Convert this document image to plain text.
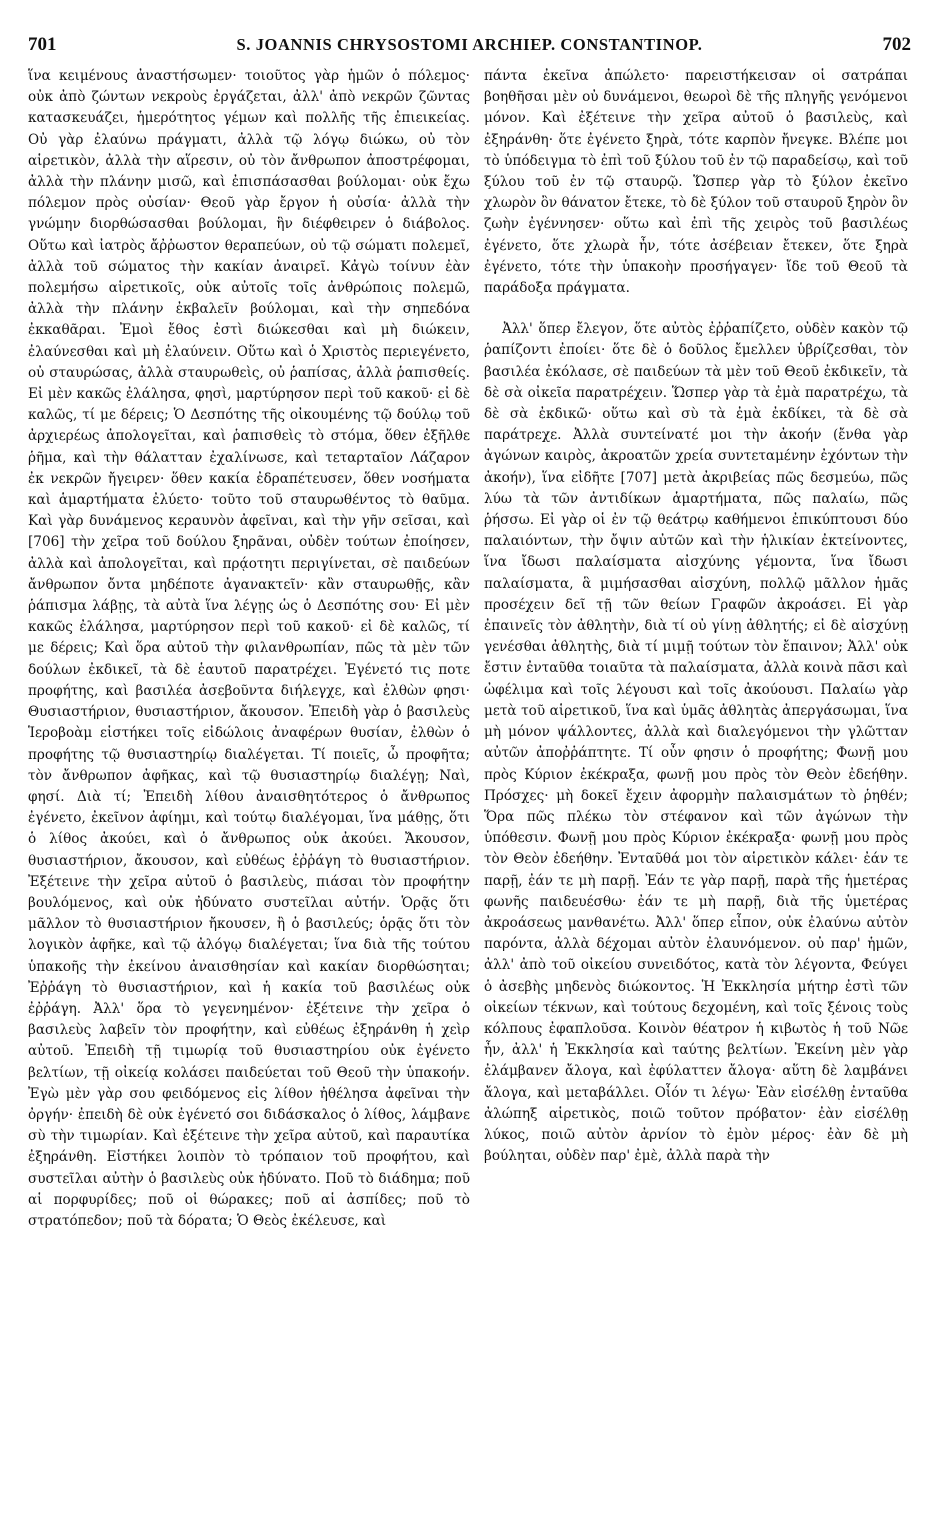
701	S. JOANNIS CHRYSOSTOMI ARCHIEP. CONSTANTINOP.	702

ἵνα κειμένους ἀναστήσωμεν· τοιοῦτος γὰρ ἡμῶν ὁ πόλεμος· οὐκ ἀπὸ ζώντων νεκροὺς ἐργάζεται, ἀλλ' ἀπὸ νεκρῶν ζῶντας κατασκευάζει, ἡμερότητος γέμων καὶ πολλῆς τῆς ἐπιεικείας. Οὐ γὰρ ἐλαύνω πράγματι, ἀλλὰ τῷ λόγῳ διώκω, οὐ τὸν αἱρετικὸν, ἀλλὰ τὴν αἵρεσιν, οὐ τὸν ἄνθρωπον ἀποστρέφομαι, ἀλλὰ τὴν πλάνην μισῶ, καὶ ἐπισπάσασθαι βούλομαι· οὐκ ἔχω πόλεμον πρὸς οὐσίαν· Θεοῦ γὰρ ἔργον ἡ οὐσία· ἀλλὰ τὴν γνώμην διορθώσασθαι βούλομαι, ἣν διέφθειρεν ὁ διάβολος. Οὕτω καὶ ἰατρὸς ἄῤῥωστον θεραπεύων, οὐ τῷ σώματι πολεμεῖ, ἀλλὰ τοῦ σώματος τὴν κακίαν ἀναιρεῖ. Κἀγὼ τοίνυν ἐὰν πολεμήσω αἱρετικοῖς, οὐκ αὐτοῖς τοῖς ἀνθρώποις πολεμῶ, ἀλλὰ τὴν πλάνην ἐκβαλεῖν βούλομαι, καὶ τὴν σηπεδόνα ἐκκαθᾶραι. Ἐμοὶ ἔθος ἐστὶ διώκεσθαι καὶ μὴ διώκειν, ἐλαύνεσθαι καὶ μὴ ἐλαύνειν. Οὕτω καὶ ὁ Χριστὸς περιεγένετο, οὐ σταυρώσας, ἀλλὰ σταυρωθεὶς, οὐ ῥαπίσας, ἀλλὰ ῥαπισθείς. Εἰ μὲν κακῶς ἐλάλησα, φησὶ, μαρτύρησον περὶ τοῦ κακοῦ· εἰ δὲ καλῶς, τί με δέρεις; Ὁ Δεσπότης τῆς οἰκουμένης τῷ δούλῳ τοῦ ἀρχιερέως ἀπολογεῖται, καὶ ῥαπισθεὶς τὸ στόμα, ὅθεν ἐξῆλθε ῥῆμα, καὶ τὴν θάλατταν ἐχαλίνωσε, καὶ τεταρταῖον Λάζαρον ἐκ νεκρῶν ἤγειρεν· ὅθεν κακία ἐδραπέτευσεν, ὅθεν νοσήματα καὶ ἁμαρτήματα ἐλύετο· τοῦτο τοῦ σταυρωθέντος τὸ θαῦμα. Καὶ γὰρ δυνάμενος κεραυνὸν ἀφεῖναι, καὶ τὴν γῆν σεῖσαι, καὶ [706] τὴν χεῖρα τοῦ δούλου ξηρᾶναι, οὐδὲν τούτων ἐποίησεν, ἀλλὰ καὶ ἀπολογεῖται, καὶ πρᾴοτητι περιγίνεται, σὲ παιδεύων ἄνθρωπον ὄντα μηδέποτε ἀγανακτεῖν· κἂν σταυρωθῇς, κἂν ῥάπισμα λάβῃς, τὰ αὐτὰ ἵνα λέγῃς ὡς ὁ Δεσπότης σου· Εἰ μὲν κακῶς ἐλάλησα, μαρτύρησον περὶ τοῦ κακοῦ· εἰ δὲ καλῶς, τί με δέρεις; Καὶ ὅρα αὐτοῦ τὴν φιλανθρωπίαν, πῶς τὰ μὲν τῶν δούλων ἐκδικεῖ, τὰ δὲ ἑαυτοῦ παρατρέχει. Ἐγένετό τις ποτε προφήτης, καὶ βασιλέα ἀσεβοῦντα διήλεγχε, καὶ ἐλθὼν φησι· Θυσιαστήριον, θυσιαστήριον, ἄκουσον. Ἐπειδὴ γὰρ ὁ βασιλεὺς Ἱεροβοὰμ εἱστήκει τοῖς εἰδώλοις ἀναφέρων θυσίαν, ἐλθὼν ὁ προφήτης τῷ θυσιαστηρίῳ διαλέγεται. Τί ποιεῖς, ὦ προφῆτα; τὸν ἄνθρωπον ἀφῆκας, καὶ τῷ θυσιαστηρίῳ διαλέγῃ; Ναὶ, φησί. Διὰ τί; Ἐπειδὴ λίθου ἀναισθητότερος ὁ ἄνθρωπος ἐγένετο, ἐκεῖνον ἀφίημι, καὶ τούτῳ διαλέγομαι, ἵνα μάθῃς, ὅτι ὁ λίθος ἀκούει, καὶ ὁ ἄνθρωπος οὐκ ἀκούει. Ἄκουσον, θυσιαστήριον, ἄκουσον, καὶ εὐθέως ἐῤῥάγη τὸ θυσιαστήριον. Ἐξέτεινε τὴν χεῖρα αὐτοῦ ὁ βασιλεὺς, πιάσαι τὸν προφήτην βουλόμενος, καὶ οὐκ ἠδύνατο συστεῖλαι αὐτήν. Ὁρᾷς ὅτι μᾶλλον τὸ θυσιαστήριον ἤκουσεν, ἢ ὁ βασιλεύς; ὁρᾷς ὅτι τὸν λογικὸν ἀφῆκε, καὶ τῷ ἀλόγῳ διαλέγεται; ἵνα διὰ τῆς τούτου ὑπακοῆς τὴν ἐκείνου ἀναισθησίαν καὶ κακίαν διορθώσηται; Ἐῤῥάγη τὸ θυσιαστήριον, καὶ ἡ κακία τοῦ βασιλέως οὐκ ἐῤῥάγη. Ἀλλ' ὅρα τὸ γεγενημένον· ἐξέτεινε τὴν χεῖρα ὁ βασιλεὺς λαβεῖν τὸν προφήτην, καὶ εὐθέως ἐξηράνθη ἡ χεὶρ αὐτοῦ. Ἐπειδὴ τῇ τιμωρίᾳ τοῦ θυσιαστηρίου οὐκ ἐγένετο βελτίων, τῇ οἰκείᾳ κολάσει παιδεύεται τοῦ Θεοῦ τὴν ὑπακοήν. Ἐγὼ μὲν γὰρ σου φειδόμενος εἰς λίθον ἠθέλησα ἀφεῖναι τὴν ὀργήν· ἐπειδὴ δὲ οὐκ ἐγένετό σοι διδάσκαλος ὁ λίθος, λάμβανε σὺ τὴν τιμωρίαν. Καὶ ἐξέτεινε τὴν χεῖρα αὐτοῦ, καὶ παραυτίκα ἐξηράνθη. Εἱστήκει λοιπὸν τὸ τρόπαιον τοῦ προφήτου, καὶ συστεῖλαι αὐτὴν ὁ βασιλεὺς οὐκ ἠδύνατο. Ποῦ τὸ διάδημα; ποῦ αἱ πορφυρίδες; ποῦ οἱ θώρακες; ποῦ αἱ ἀσπίδες; ποῦ τὸ στρατόπεδον; ποῦ τὰ δόρατα; Ὁ Θεὸς ἐκέλευσε, καὶ

πάντα ἐκεῖνα ἀπώλετο· παρειστήκεισαν οἱ σατράπαι βοηθῆσαι μὲν οὐ δυνάμενοι, θεωροὶ δὲ τῆς πληγῆς γενόμενοι μόνον. Καὶ ἐξέτεινε τὴν χεῖρα αὐτοῦ ὁ βασιλεὺς, καὶ ἐξηράνθη· ὅτε ἐγένετο ξηρὰ, τότε καρπὸν ἤνεγκε. Βλέπε μοι τὸ ὑπόδειγμα τὸ ἐπὶ τοῦ ξύλου τοῦ ἐν τῷ παραδείσῳ, καὶ τοῦ ξύλου τοῦ ἐν τῷ σταυρῷ. Ὥσπερ γὰρ τὸ ξύλον ἐκεῖνο χλωρὸν ὂν θάνατον ἔτεκε, τὸ δὲ ξύλον τοῦ σταυροῦ ξηρὸν ὂν ζωὴν ἐγέννησεν· οὕτω καὶ ἐπὶ τῆς χειρὸς τοῦ βασιλέως ἐγένετο, ὅτε χλωρὰ ἦν, τότε ἀσέβειαν ἔτεκεν, ὅτε ξηρὰ ἐγένετο, τότε τὴν ὑπακοὴν προσήγαγεν· ἴδε τοῦ Θεοῦ τὰ παράδοξα πράγματα.

Ἀλλ' ὅπερ ἔλεγον, ὅτε αὐτὸς ἐῤῥαπίζετο, οὐδὲν κακὸν τῷ ῥαπίζοντι ἐποίει· ὅτε δὲ ὁ δοῦλος ἔμελλεν ὑβρίζεσθαι, τὸν βασιλέα ἐκόλασε, σὲ παιδεύων τὰ μὲν τοῦ Θεοῦ ἐκδικεῖν, τὰ δὲ σὰ οἰκεῖα παρατρέχειν. Ὥσπερ γὰρ τὰ ἐμὰ παρατρέχω, τὰ δὲ σὰ ἐκδικῶ· οὕτω καὶ σὺ τὰ ἐμὰ ἐκδίκει, τὰ δὲ σὰ παράτρεχε. Ἀλλὰ συντείνατέ μοι τὴν ἀκοήν (ἔνθα γὰρ ἀγώνων καιρὸς, ἀκροατῶν χρεία συντεταμένην ἐχόντων τὴν ἀκοήν), ἵνα εἰδῆτε [707] μετὰ ἀκριβείας πῶς δεσμεύω, πῶς λύω τὰ τῶν ἀντιδίκων ἁμαρτήματα, πῶς παλαίω, πῶς ῥήσσω. Εἰ γὰρ οἱ ἐν τῷ θεάτρῳ καθήμενοι ἐπικύπτουσι δύο παλαιόντων, τὴν ὄψιν αὐτῶν καὶ τὴν ἡλικίαν ἐκτείνοντες, ἵνα ἴδωσι παλαίσματα αἰσχύνης γέμοντα, ἵνα ἴδωσι παλαίσματα, ἃ μιμήσασθαι αἰσχύνη, πολλῷ μᾶλλον ἡμᾶς προσέχειν δεῖ τῇ τῶν θείων Γραφῶν ἀκροάσει. Εἰ γὰρ ἐπαινεῖς τὸν ἀθλητὴν, διὰ τί οὐ γίνῃ ἀθλητής; εἰ δὲ αἰσχύνῃ γενέσθαι ἀθλητὴς, διὰ τί μιμῇ τούτων τὸν ἔπαινον; Ἀλλ' οὐκ ἔστιν ἐνταῦθα τοιαῦτα τὰ παλαίσματα, ἀλλὰ κοινὰ πᾶσι καὶ ὠφέλιμα καὶ τοῖς λέγουσι καὶ τοῖς ἀκούουσι. Παλαίω γὰρ μετὰ τοῦ αἱρετικοῦ, ἵνα καὶ ὑμᾶς ἀθλητὰς ἀπεργάσωμαι, ἵνα μὴ μόνον ψάλλοντες, ἀλλὰ καὶ διαλεγόμενοι τὴν γλῶτταν αὐτῶν ἀποῤῥάπτητε. Τί οὖν φησιν ὁ προφήτης; Φωνῇ μου πρὸς Κύριον ἐκέκραξα, φωνῇ μου πρὸς τὸν Θεὸν ἐδεήθην. Πρόσχες· μὴ δοκεῖ ἔχειν ἀφορμὴν παλαισμάτων τὸ ῥηθέν; Ὅρα πῶς πλέκω τὸν στέφανον καὶ τῶν ἀγώνων τὴν ὑπόθεσιν. Φωνῇ μου πρὸς Κύριον ἐκέκραξα· φωνῇ μου πρὸς τὸν Θεὸν ἐδεήθην. Ἐνταῦθά μοι τὸν αἱρετικὸν κάλει· ἐάν τε παρῇ, ἐάν τε μὴ παρῇ. Ἐάν τε γὰρ παρῇ, παρὰ τῆς ἡμετέρας φωνῆς παιδευέσθω· ἐάν τε μὴ παρῇ, διὰ τῆς ὑμετέρας ἀκροάσεως μανθανέτω. Ἀλλ' ὅπερ εἶπον, οὐκ ἐλαύνω αὐτὸν παρόντα, ἀλλὰ δέχομαι αὐτὸν ἐλαυνόμενον. οὐ παρ' ἡμῶν, ἀλλ' ἀπὸ τοῦ οἰκείου συνειδότος, κατὰ τὸν λέγοντα, Φεύγει ὁ ἀσεβὴς μηδενὸς διώκοντος. Ἡ Ἐκκλησία μήτηρ ἐστὶ τῶν οἰκείων τέκνων, καὶ τούτους δεχομένη, καὶ τοῖς ξένοις τοὺς κόλπους ἐφαπλοῦσα. Κοινὸν θέατρον ἡ κιβωτὸς ἡ τοῦ Νῶε ἦν, ἀλλ' ἡ Ἐκκλησία καὶ ταύτης βελτίων. Ἐκείνη μὲν γὰρ ἐλάμβανεν ἄλογα, καὶ ἐφύλαττεν ἄλογα· αὕτη δὲ λαμβάνει ἄλογα, καὶ μεταβάλλει. Οἷόν τι λέγω· Ἐὰν εἰσέλθῃ ἐνταῦθα ἀλώπηξ αἱρετικὸς, ποιῶ τοῦτον πρόβατον· ἐὰν εἰσέλθῃ λύκος, ποιῶ αὐτὸν ἀρνίον τὸ ἐμὸν μέρος· ἐὰν δὲ μὴ βούληται, οὐδὲν παρ' ἐμὲ, ἀλλὰ παρὰ τὴν
